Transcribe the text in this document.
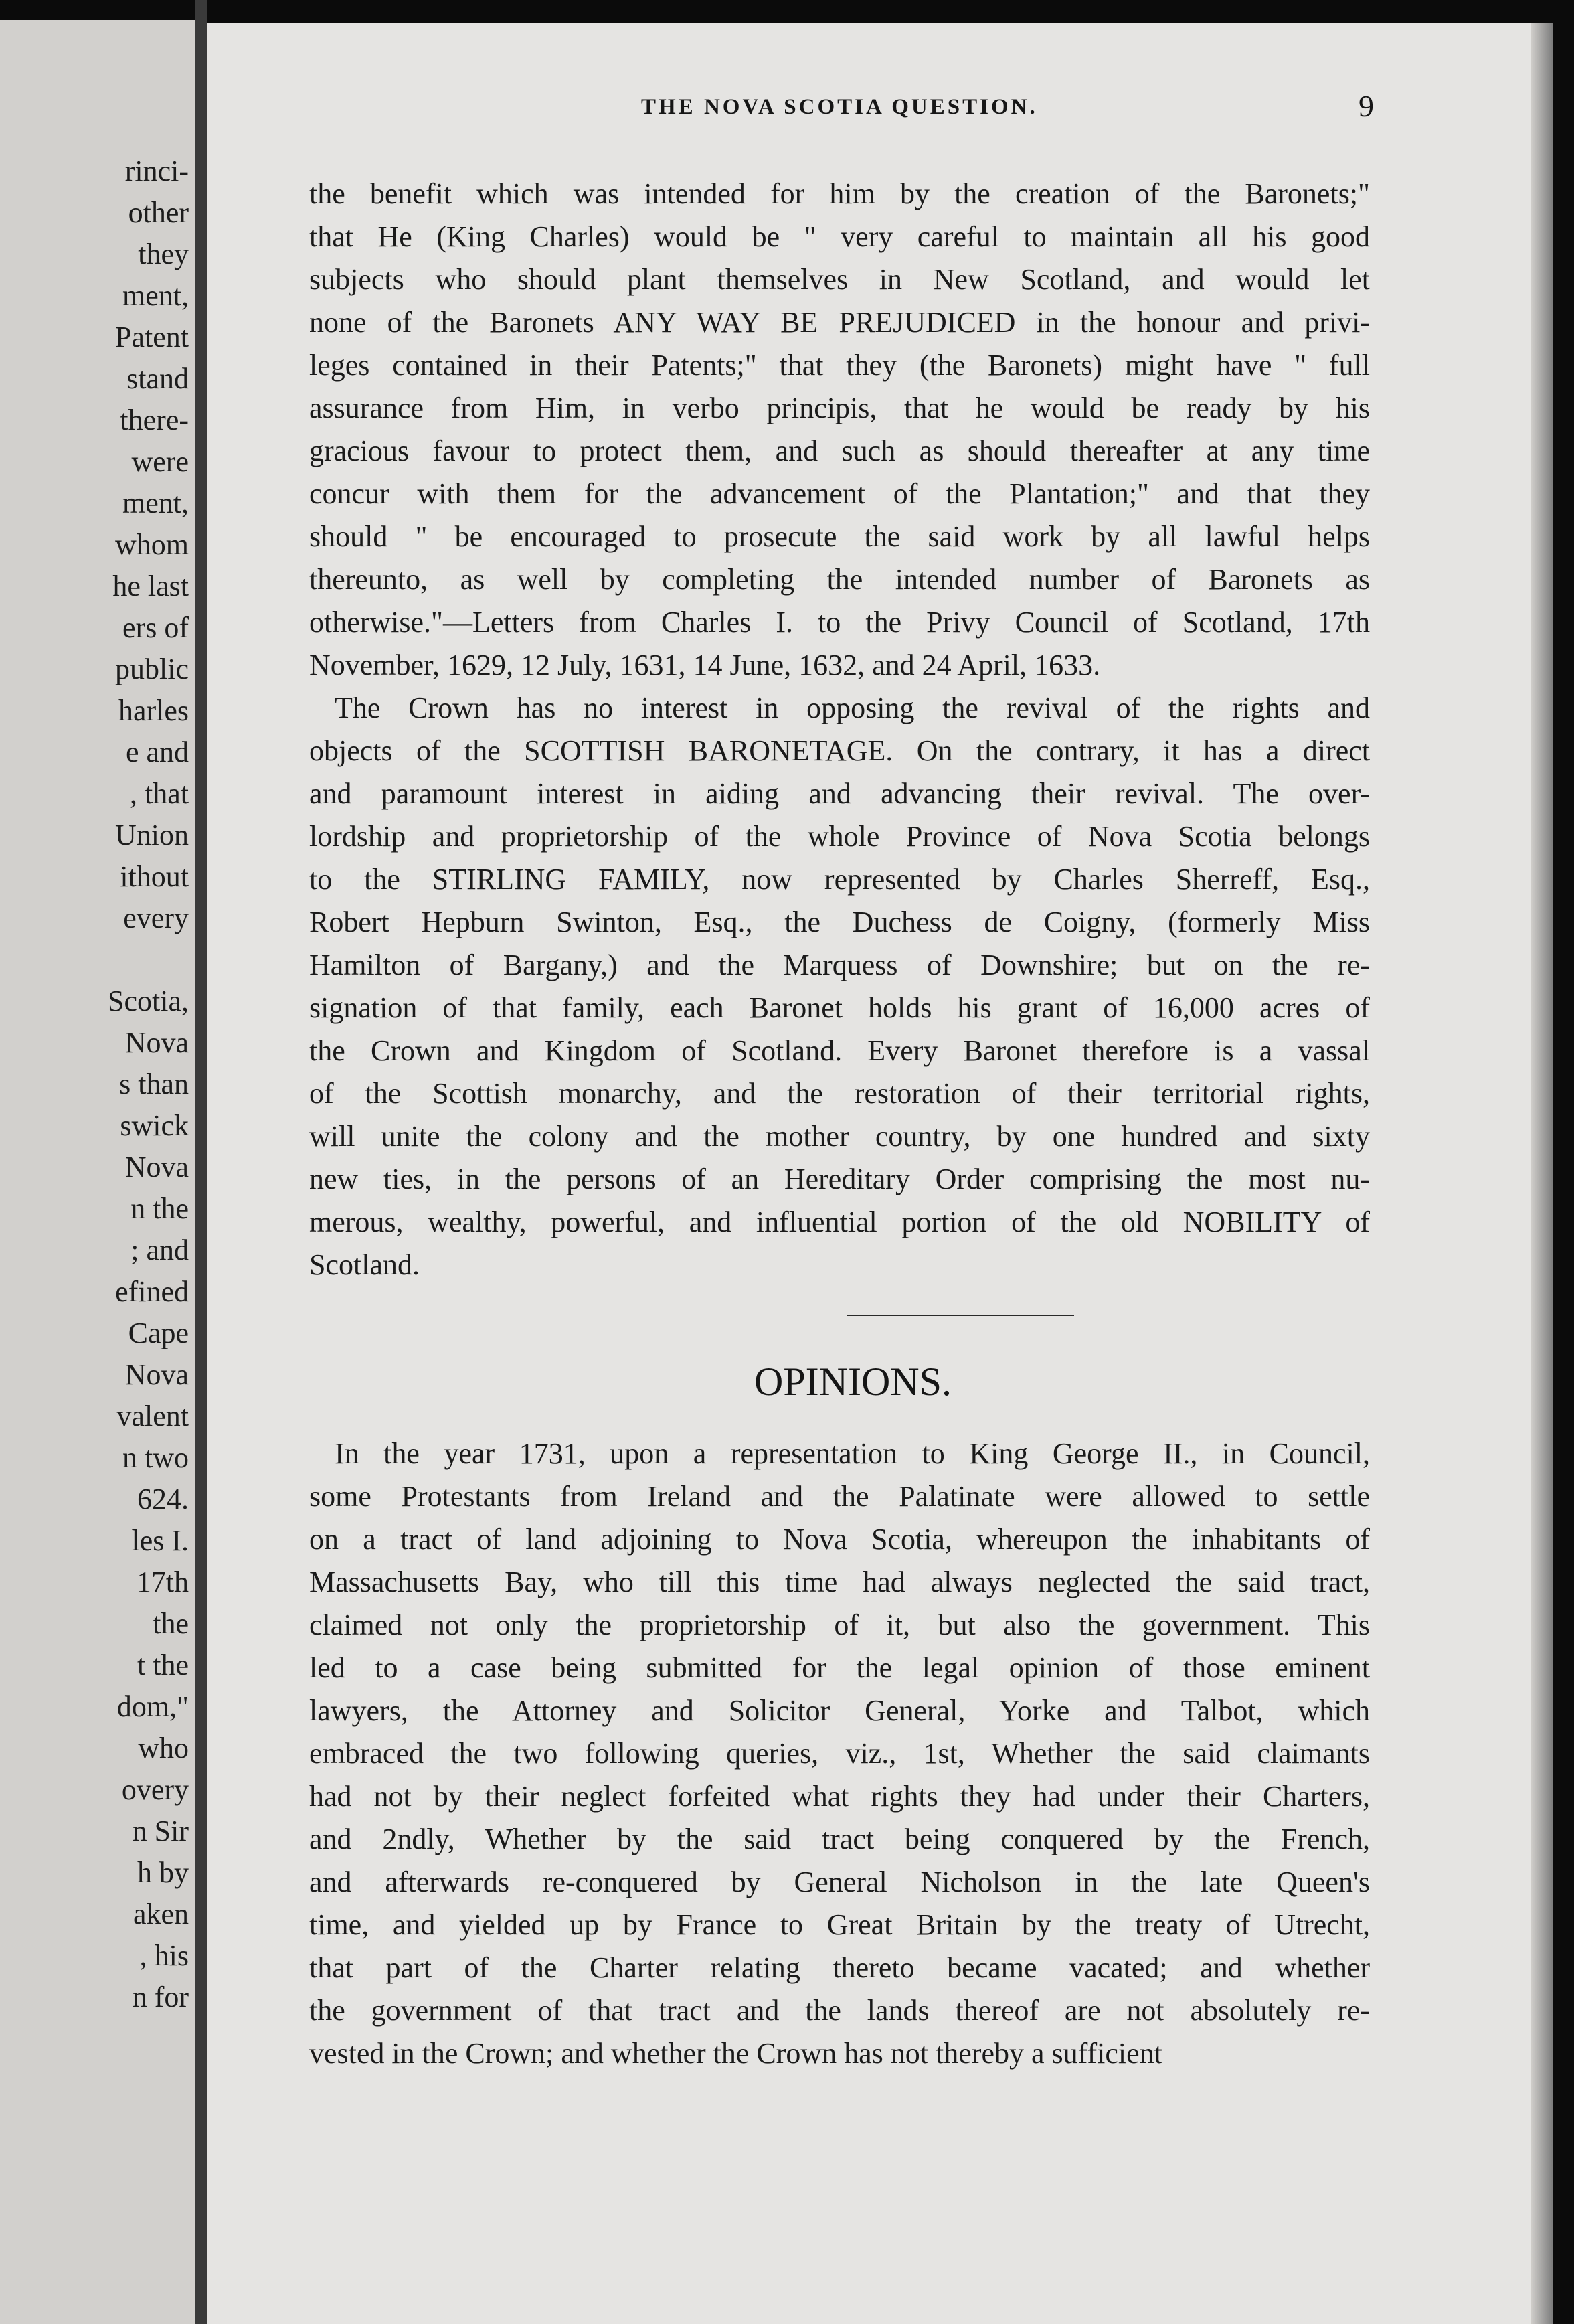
rinci-
other
they
ment,
Patent
stand
there-
were
ment,
whom
he last
ers of
public
harles
e and
, that
Union
ithout
every
Scotia,
Nova
s than
swick
Nova
n the
; and
efined
Cape
Nova
valent
n two
624.
les I.
17th
the
t the
dom,"
who
overy
n Sir
h by
aken
, his
n for
THE NOVA SCOTIA QUESTION.	9

the benefit which was intended for him by the creation of the Baronets;"

that He (King Charles) would be " very careful to maintain all his good

subjects who should plant themselves in New Scotland, and would let

none of the Baronets ANY WAY BE PREJUDICED in the honour and privi-

leges contained in their Patents;" that they (the Baronets) might have " full

assurance from Him, in verbo principis, that he would be ready by his

gracious favour to protect them, and such as should thereafter at any time

concur with them for the advancement of the Plantation;" and that they

should " be encouraged to prosecute the said work by all lawful helps

thereunto, as well by completing the intended number of Baronets as

otherwise."—Letters from Charles I. to the Privy Council of Scotland, 17th

November, 1629, 12 July, 1631, 14 June, 1632, and 24 April, 1633.

The Crown has no interest in opposing the revival of the rights and

objects of the SCOTTISH BARONETAGE. On the contrary, it has a direct

and paramount interest in aiding and advancing their revival. The over-

lordship and proprietorship of the whole Province of Nova Scotia belongs

to the STIRLING FAMILY, now represented by Charles Sherreff, Esq.,

Robert Hepburn Swinton, Esq., the Duchess de Coigny, (formerly Miss

Hamilton of Bargany,) and the Marquess of Downshire; but on the re-

signation of that family, each Baronet holds his grant of 16,000 acres of

the Crown and Kingdom of Scotland. Every Baronet therefore is a vassal

of the Scottish monarchy, and the restoration of their territorial rights,

will unite the colony and the mother country, by one hundred and sixty

new ties, in the persons of an Hereditary Order comprising the most nu-

merous, wealthy, powerful, and influential portion of the old NOBILITY of

Scotland.

OPINIONS.

In the year 1731, upon a representation to King George II., in Council,

some Protestants from Ireland and the Palatinate were allowed to settle

on a tract of land adjoining to Nova Scotia, whereupon the inhabitants of

Massachusetts Bay, who till this time had always neglected the said tract,

claimed not only the proprietorship of it, but also the government. This

led to a case being submitted for the legal opinion of those eminent

lawyers, the Attorney and Solicitor General, Yorke and Talbot, which

embraced the two following queries, viz., 1st, Whether the said claimants

had not by their neglect forfeited what rights they had under their Charters,

and 2ndly, Whether by the said tract being conquered by the French,

and afterwards re-conquered by General Nicholson in the late Queen's

time, and yielded up by France to Great Britain by the treaty of Utrecht,

that part of the Charter relating thereto became vacated; and whether

the government of that tract and the lands thereof are not absolutely re-

vested in the Crown; and whether the Crown has not thereby a sufficient
